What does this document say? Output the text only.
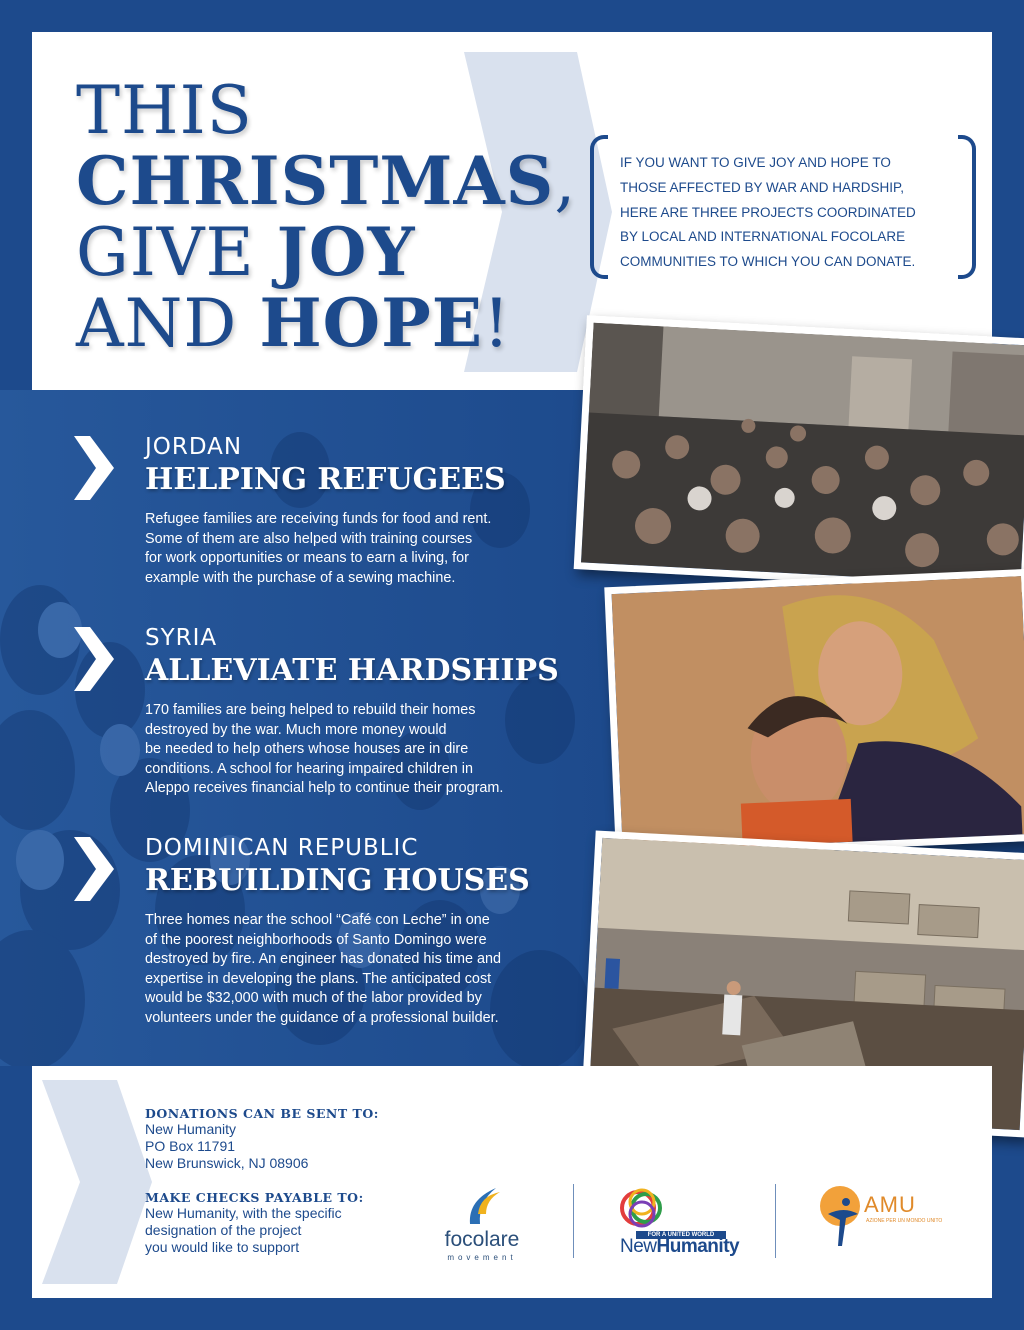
THIS
CHRISTMAS,
GIVE JOY
AND HOPE!
IF YOU WANT TO GIVE JOY AND HOPE TO
THOSE AFFECTED BY WAR AND HARDSHIP,
HERE ARE THREE PROJECTS COORDINATED
BY LOCAL AND INTERNATIONAL FOCOLARE
COMMUNITIES TO WHICH YOU CAN DONATE.
JORDAN
HELPING REFUGEES
Refugee families are receiving funds for food and rent.
Some of them are also helped with training courses
for work opportunities or means to earn a living, for
example with the purchase of a sewing machine.
SYRIA
ALLEVIATE HARDSHIPS
170 families are being helped to rebuild their homes
destroyed by the war. Much more money would
be needed to help others whose houses are in dire
conditions. A school for hearing impaired children in
Aleppo receives financial help to continue their program.
DOMINICAN REPUBLIC
REBUILDING HOUSES
Three homes near the school “Café con Leche” in one
of the poorest neighborhoods of Santo Domingo were
destroyed by fire. An engineer has donated his time and
expertise in developing the plans. The anticipated cost
would be $32,000 with much of the labor provided by
volunteers under the guidance of a professional builder.
DONATIONS CAN BE SENT TO:
New Humanity
PO Box 11791
New Brunswick, NJ 08906
MAKE CHECKS PAYABLE TO:
New Humanity, with the specific
designation of the project
you would like to support	focolare
movement
FOR A UNITED WORLD
NewHumanity
AMU
AZIONE PER UN MONDO UNITO
